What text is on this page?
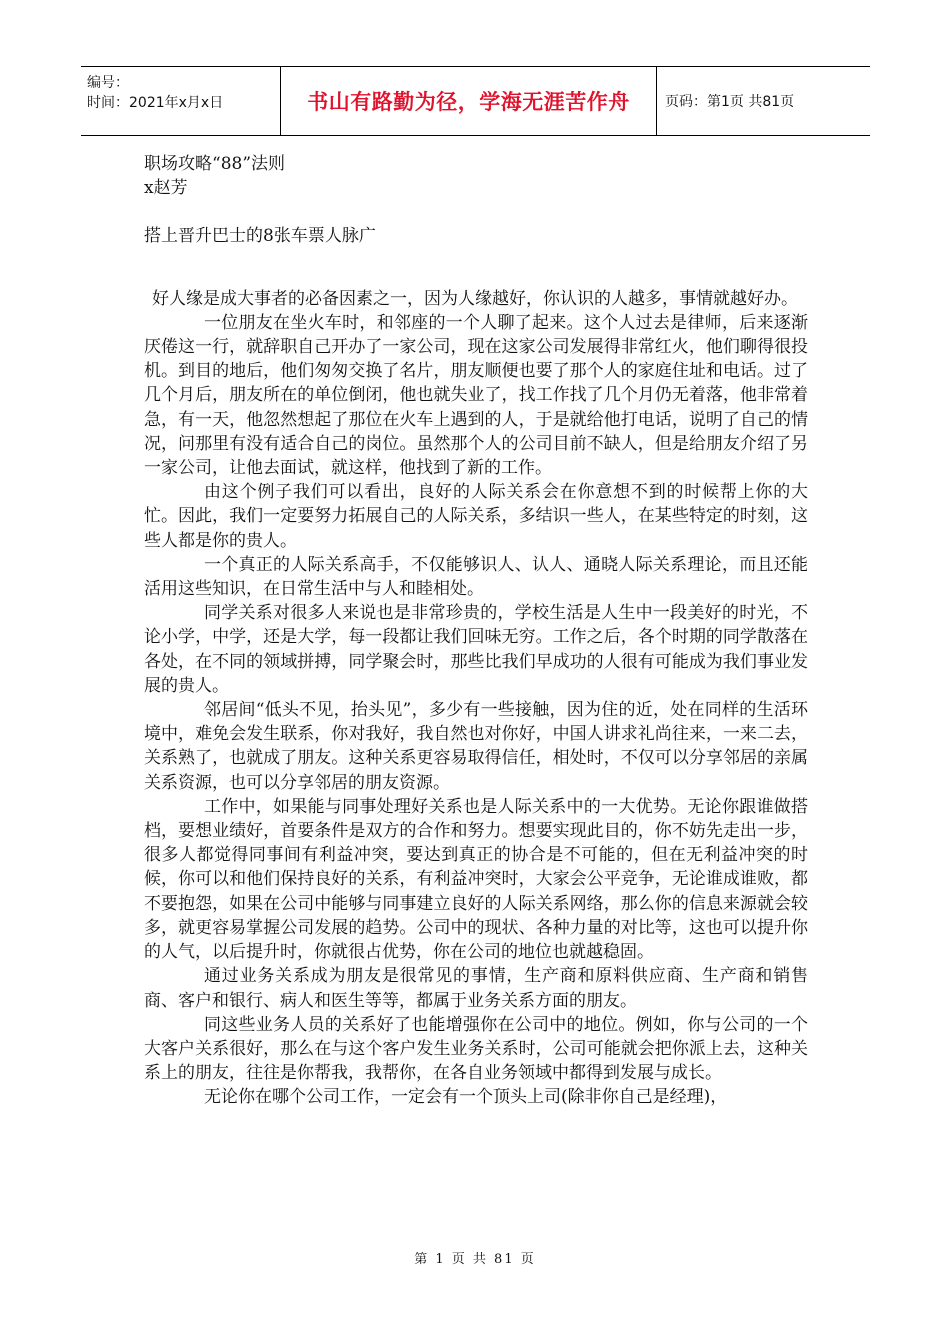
编号：
时间：2021年x月x日	书山有路勤为径，学海无涯苦作舟	页码：第1页 共81页

职场攻略“88”法则

x赵芳

搭上晋升巴士的8张车票人脉广

好人缘是成大事者的必备因素之一，因为人缘越好，你认识的人越多，事情就越好办。

一位朋友在坐火车时，和邻座的一个人聊了起来。这个人过去是律师，后来逐渐厌倦这一行，就辞职自己开办了一家公司，现在这家公司发展得非常红火，他们聊得很投机。到目的地后，他们匆匆交换了名片，朋友顺便也要了那个人的家庭住址和电话。过了几个月后，朋友所在的单位倒闭，他也就失业了，找工作找了几个月仍无着落，他非常着急，有一天，他忽然想起了那位在火车上遇到的人，于是就给他打电话，说明了自己的情况，问那里有没有适合自己的岗位。虽然那个人的公司目前不缺人，但是给朋友介绍了另一家公司，让他去面试，就这样，他找到了新的工作。

由这个例子我们可以看出，良好的人际关系会在你意想不到的时候帮上你的大忙。因此，我们一定要努力拓展自己的人际关系，多结识一些人，在某些特定的时刻，这些人都是你的贵人。

一个真正的人际关系高手，不仅能够识人、认人、通晓人际关系理论，而且还能活用这些知识，在日常生活中与人和睦相处。

同学关系对很多人来说也是非常珍贵的，学校生活是人生中一段美好的时光，不论小学，中学，还是大学，每一段都让我们回味无穷。工作之后，各个时期的同学散落在各处，在不同的领域拼搏，同学聚会时，那些比我们早成功的人很有可能成为我们事业发展的贵人。

邻居间“低头不见，抬头见”，多少有一些接触，因为住的近，处在同样的生活环境中，难免会发生联系，你对我好，我自然也对你好，中国人讲求礼尚往来，一来二去，关系熟了，也就成了朋友。这种关系更容易取得信任，相处时，不仅可以分享邻居的亲属关系资源，也可以分享邻居的朋友资源。

工作中，如果能与同事处理好关系也是人际关系中的一大优势。无论你跟谁做搭档，要想业绩好，首要条件是双方的合作和努力。想要实现此目的，你不妨先走出一步，很多人都觉得同事间有利益冲突，要达到真正的协合是不可能的，但在无利益冲突的时候，你可以和他们保持良好的关系，有利益冲突时，大家会公平竞争，无论谁成谁败，都不要抱怨，如果在公司中能够与同事建立良好的人际关系网络，那么你的信息来源就会较多，就更容易掌握公司发展的趋势。公司中的现状、各种力量的对比等，这也可以提升你的人气，以后提升时，你就很占优势，你在公司的地位也就越稳固。

通过业务关系成为朋友是很常见的事情，生产商和原料供应商、生产商和销售商、客户和银行、病人和医生等等，都属于业务关系方面的朋友。

同这些业务人员的关系好了也能增强你在公司中的地位。例如，你与公司的一个大客户关系很好，那么在与这个客户发生业务关系时，公司可能就会把你派上去，这种关系上的朋友，往往是你帮我，我帮你，在各自业务领域中都得到发展与成长。

无论你在哪个公司工作，一定会有一个顶头上司(除非你自己是经理)，

第 1 页 共 81 页
